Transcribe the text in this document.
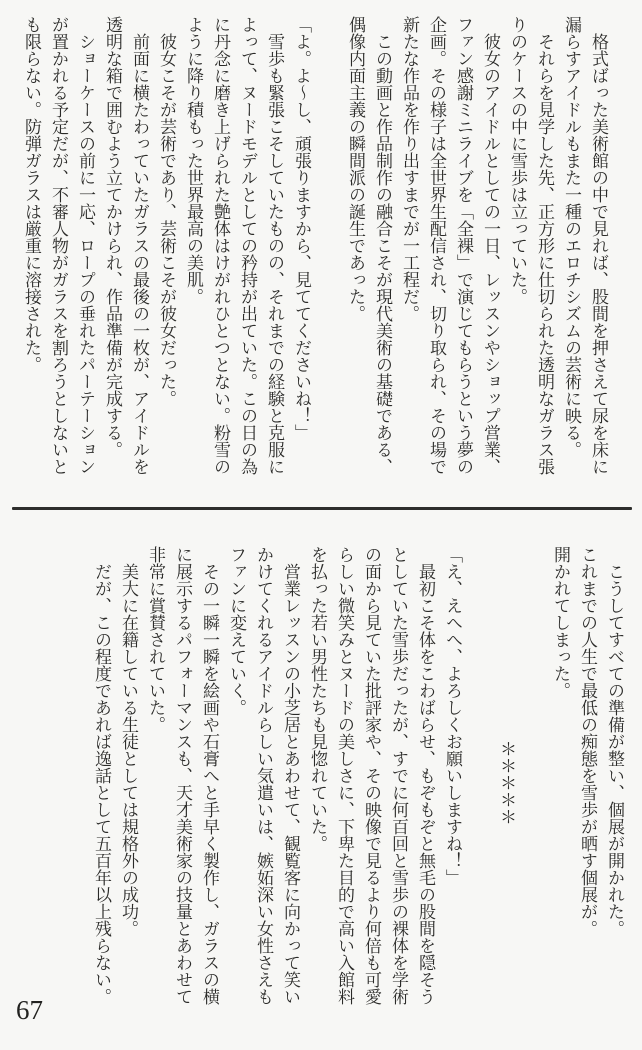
格式ばった美術館の中で見れば、股間を押さえて尿を床に漏らすアイドルもまた一種のエロチシズムの芸術に映る。

それらを見学した先、正方形に仕切られた透明なガラス張りのケースの中に雪歩は立っていた。

彼女のアイドルとしての一日、レッスンやショップ営業、ファン感謝ミニライブを「全裸」で演じてもらうという夢の企画。その様子は全世界生配信され、切り取られ、その場で新たな作品を作り出すまでが一工程だ。

この動画と作品制作の融合こそが現代美術の基礎である、偶像内面主義の瞬間派の誕生であった。

「よ。よ〜し、頑張りますから、見ててくださいね！」

雪歩も緊張こそしていたものの、それまでの経験と克服によって、ヌードモデルとしての矜持が出ていた。この日の為に丹念に磨き上げられた艶体はけがれひとつとない。粉雪のように降り積もった世界最高の美肌。

彼女こそが芸術であり、芸術こそが彼女だった。

前面に横たわっていたガラスの最後の一枚が、アイドルを透明な箱で囲むよう立てかけられ、作品準備が完成する。

ショーケースの前に一応、ロープの垂れたパーテーションが置かれる予定だが、不審人物がガラスを割ろうとしないとも限らない。防弾ガラスは厳重に溶接された。

こうしてすべての準備が整い、個展が開かれた。

これまでの人生で最低の痴態を雪歩が晒す個展が。

開かれてしまった。

＊＊＊＊＊

「え、えへへ、よろしくお願いしますね！」

最初こそ体をこわばらせ、もぞもぞと無毛の股間を隠そうとしていた雪歩だったが、すでに何百回と雪歩の裸体を学術の面から見ていた批評家や、その映像で見るより何倍も可愛らしい微笑みとヌードの美しさに、下卑た目的で高い入館料を払った若い男性たちも見惚れていた。

営業レッスンの小芝居とあわせて、観覧客に向かって笑いかけてくれるアイドルらしい気遣いは、嫉妬深い女性さえもファンに変えていく。

その一瞬一瞬を絵画や石膏へと手早く製作し、ガラスの横に展示するパフォーマンスも、天才美術家の技量とあわせて非常に賞賛されていた。

美大に在籍している生徒としては規格外の成功。

だが、この程度であれば逸話として五百年以上残らない。

67
